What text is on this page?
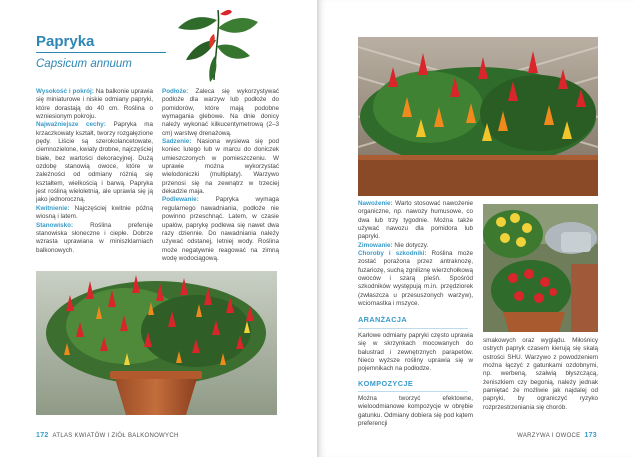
Papryka
Capsicum annuum

Wysokość i pokrój: Na balkonie uprawia się miniaturowe i niskie odmiany papryki, które dorastają do 40 cm. Roślina o wzniesionym pokroju.

Najważniejsze cechy: Papryka ma krzaczkowaty kształt, tworzy rozgałęzione pędy. Liście są szerokolancetowate, ciemnozielone, kwiaty drobne, najczęściej białe, bez wartości dekoracyjnej. Dużą ozdobę stanowią owoce, które w zależności od odmiany różnią się kształtem, wielkością i barwą. Papryka jest rośliną wieloletnią, ale uprawia się ją jako jednoroczną.

Kwitnienie: Najczęściej kwitnie późną wiosną i latem.

Stanowisko: Roślina preferuje stanowiska słoneczne i ciepłe. Dobrze wzrasta uprawiana w miniszklarniach balkonowych.

Podłoże: Zaleca się wykorzystywać podłoże dla warzyw lub podłoże do pomidorów, które mają podobne wymagania glebowe. Na dnie donicy należy wykonać kilkucentymetrową (2–3 cm) warstwę drenażową.

Sadzenie: Nasiona wysiewa się pod koniec lutego lub w marcu do doniczek umieszczonych w pomieszczeniu. W uprawie można wykorzystać wielodoniczki (multiplaty). Warzywo przenosi się na zewnątrz w trzeciej dekadzie maja.

Podlewanie: Papryka wymaga regularnego nawadniania, podłoże nie powinno przeschnąć. Latem, w czasie upałów, paprykę podlewa się nawet dwa razy dziennie. Do nawadniania należy używać odstanej, letniej wody. Roślina może negatywnie reagować na zimną wodę wodociągową.

172 ATLAS KWIATÓW I ZIÓŁ BALKONOWYCH

Nawożenie: Warto stosować nawożenie organiczne, np. nawozy humusowe, co dwa lub trzy tygodnie. Można także używać nawozu dla pomidora lub papryki.

Zimowanie: Nie dotyczy.

Choroby i szkodniki: Roślina może zostać porażona przez antraknozę, fuzariozę, suchą zgniliznę wierzchołkową owoców i szarą pleśń. Spośród szkodników występują m.in. przędziorek (zwłaszcza u przesuszonych warzyw), wciornastka i mszyce.

ARANŻACJA

Karłowe odmiany papryki często uprawia się w skrzynkach mocowanych do balustrad i zewnętrznych parapetów. Nieco wyższe rośliny uprawia się w pojemnikach na podłodze.

KOMPOZYCJE

Można tworzyć efektowne, wieloodmianowe kompozycje w obrębie gatunku. Odmiany dobiera się pod kątem preferencji

smakowych oraz wyglądu. Miłośnicy ostrych papryk czasem kierują się skalą ostrości SHU. Warzywo z powodzeniem można łączyć z gatunkami ozdobnymi, np. werbeną, szałwią błyszczącą, żeniszkiem czy begonią, należy jednak pamiętać że możliwie jak najdalej od papryki, by ograniczyć ryzyko rozprzestrzeniania się chorób.

WARZYWA I OWOCE 173
